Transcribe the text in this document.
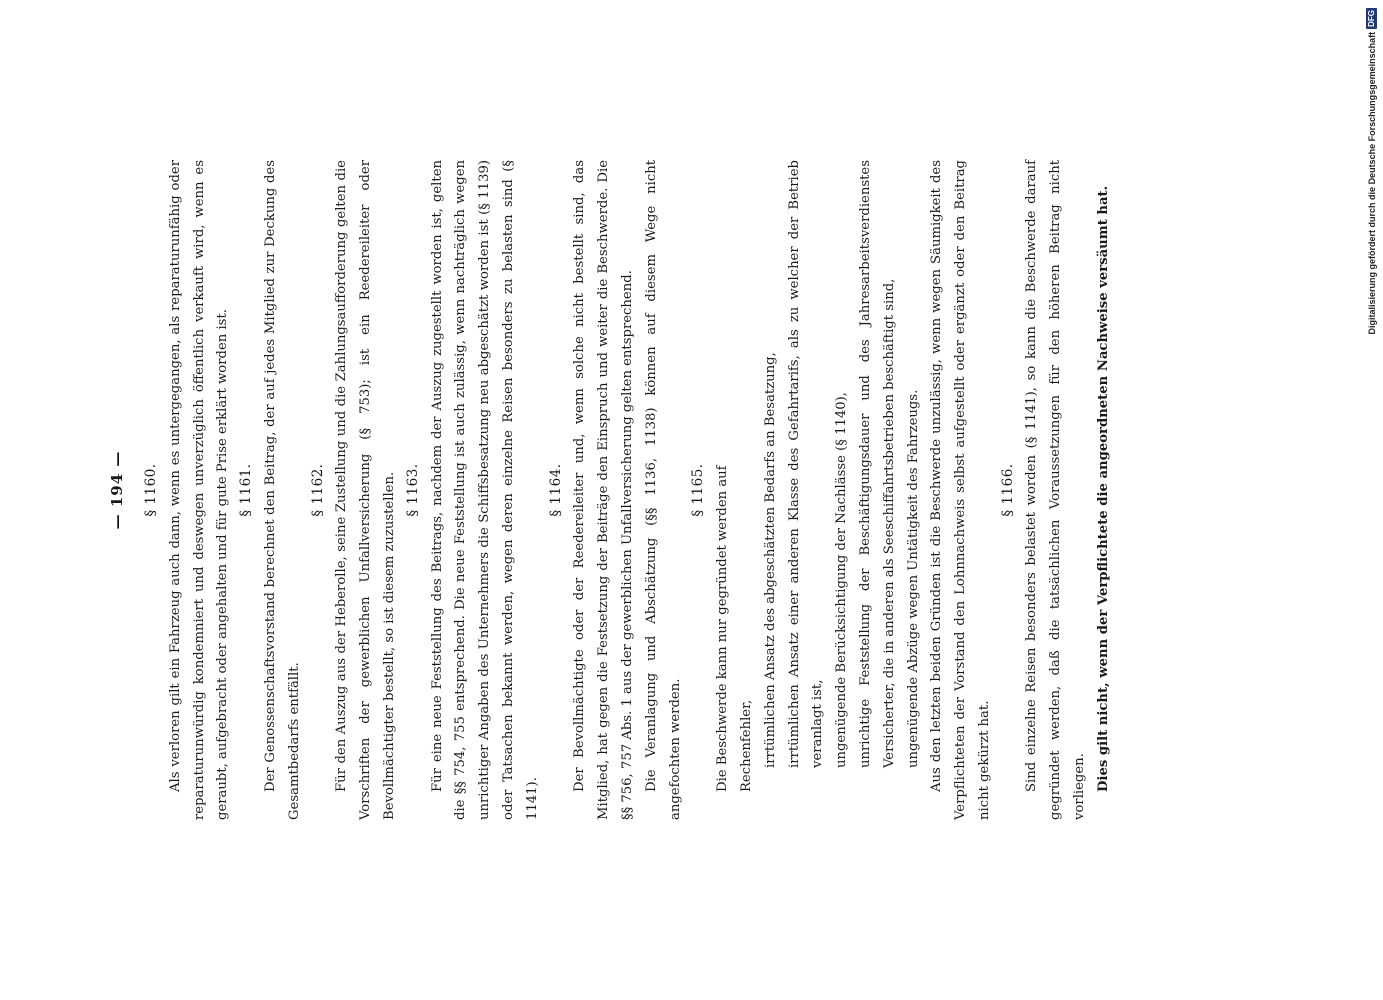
— 194 — § 1160. Als verloren gilt ein Fahrzeug auch dann, wenn es untergegangen, als reparaturunfähig oder reparaturunwürdig kondemniert und deswegen unverzüglich öffentlich verkauft wird, wenn es geraubt, aufgebracht oder angehalten und für gute Prise erklärt worden ist. § 1161. Der Genossenschaftsvorstand berechnet den Beitrag, der auf jedes Mitglied zur Deckung des Gesamtbedarfs entfällt.

§ 1162. Für den Auszug aus der Heberolle, seine Zustellung und die Zahlungsaufforderung gelten die Vorschriften der gewerblichen Unfallversicherung (§ 753); ist ein Reedereileiter oder Bevollmächtigter bestellt, so ist diesem zuzustellen. § 1163. Für eine neue Feststellung des Beitrags, nachdem der Auszug zugestellt worden ist, gelten die §§ 754, 755 entsprechend. Die neue Feststellung ist auch zulässig, wenn nachträglich wegen unrichtiger Angaben des Unternehmers die Schiffsbesatzung neu abgeschätzt worden ist (§ 1139) oder Tatsachen bekannt werden, wegen deren einzelne Reisen besonders zu belasten sind (§ 1141).

§ 1164. Der Bevollmächtigte oder der Reedereileiter und, wenn solche nicht bestellt sind, das Mitglied, hat gegen die Festsetzung der Beiträge den Einspruch und weiter die Beschwerde. Die §§ 756, 757 Abs. 1 aus der gewerblichen Unfallversicherung gelten entsprechend. Die Veranlagung und Abschätzung (§§ 1136, 1138) können auf diesem Wege nicht angefochten werden.

§ 1165. Die Beschwerde kann nur gegründet werden auf Rechenfehler, irrtümlichen Ansatz des abgeschätzten Bedarfs an Besatzung, irrtümlichen Ansatz einer anderen Klasse des Gefahrtarifs, als zu welcher der Betrieb veranlagt ist, ungenügende Berücksichtigung der Nachlässe (§ 1140), unrichtige Feststellung der Beschäftigungsdauer und des Jahresarbeitsverdienstes Versicherter, die in anderen als Seeschiffahrtsbetrieben beschäftigt sind, ungenügende Abzüge wegen Untätigkeit des Fahrzeugs. Aus den letzten beiden Gründen ist die Beschwerde unzulässig, wenn wegen Säumigkeit des Verpflichteten der Vorstand den Lohnnachweis selbst aufgestellt oder ergänzt oder den Beitrag nicht gekürzt hat.

§ 1166. Sind einzelne Reisen besonders belastet worden (§ 1141), so kann die Beschwerde darauf gegründet werden, daß die tatsächlichen Voraussetzungen für den höheren Beitrag nicht vorliegen. Dies gilt nicht, wenn der Verpflichtete die angeordneten Nachweise versäumt hat.

Digitalisierung gefördert durch die Deutsche Forschungsgemeinschaft
DFG
